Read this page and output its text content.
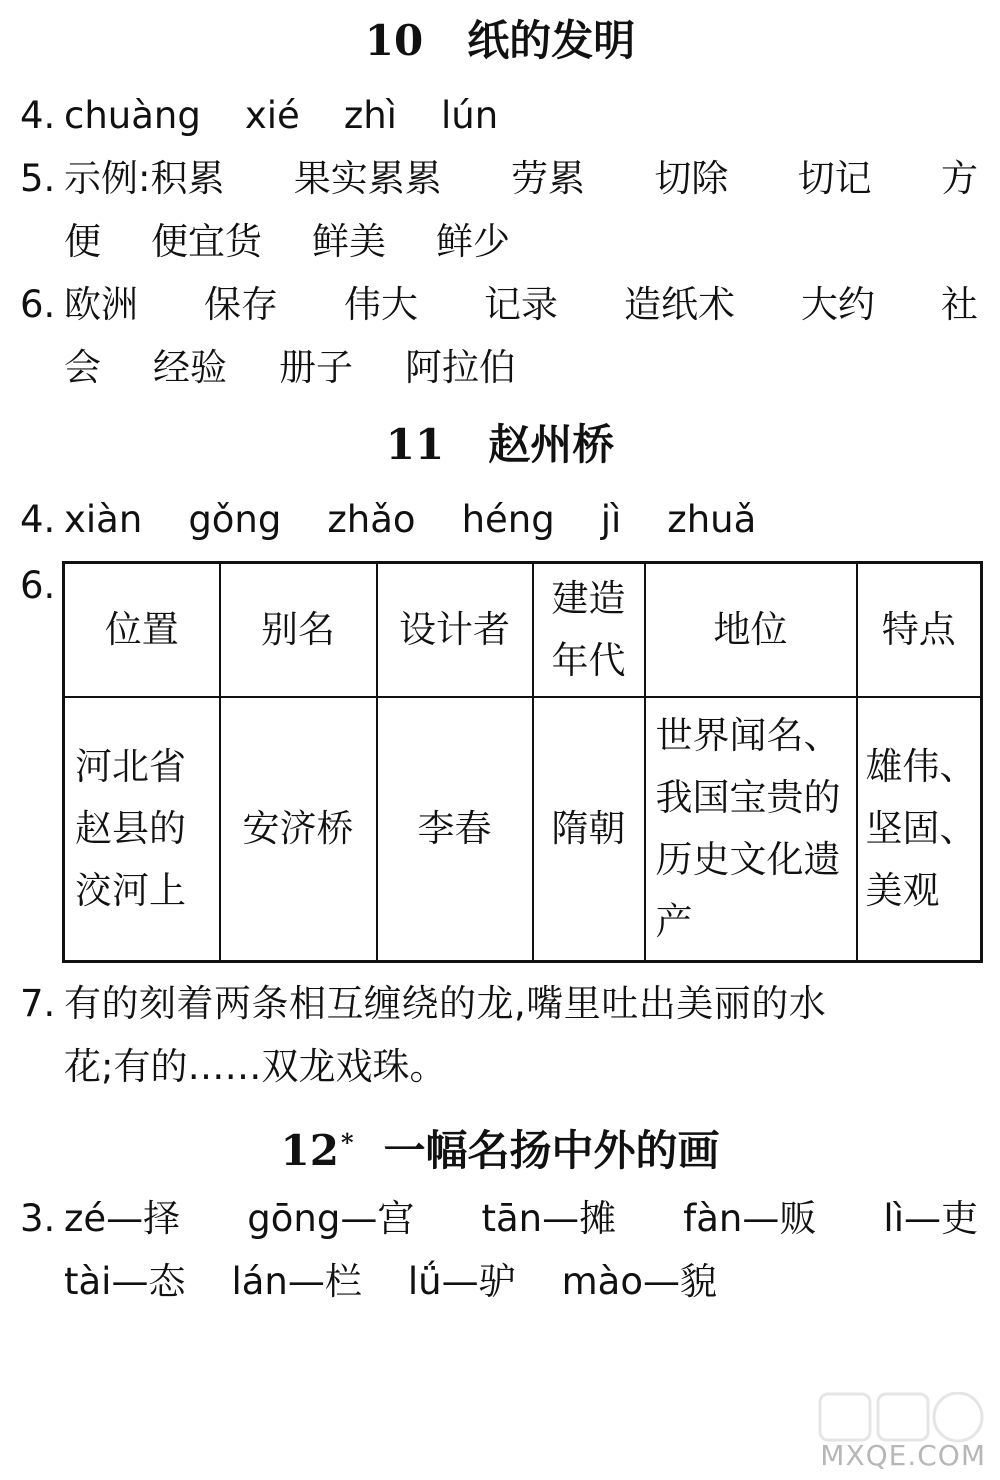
10 纸的发明
4. chuàng xié zhì lún
5. 示例:积累 果实累累 劳累 切除 切记 方
便 便宜货 鲜美 鲜少
6. 欧洲 保存 伟大 记录 造纸术 大约 社
会 经验 册子 阿拉伯
11 赵州桥
4. xiàn gǒng zhǎo héng jì zhuǎ
6.
位置	别名	设计者	建造年代	地位	特点
河北省赵县的洨河上	安济桥	李春	隋朝	世界闻名、我国宝贵的历史文化遗产	雄伟、坚固、美观
7. 有的刻着两条相互缠绕的龙,嘴里吐出美丽的水
花;有的……双龙戏珠。
12* 一幅名扬中外的画
3. zé—择 gōng—宫 tān—摊 fàn—贩 lì—吏
tài—态 lán—栏 lǘ—驴 mào—貌
MXQE.COM
